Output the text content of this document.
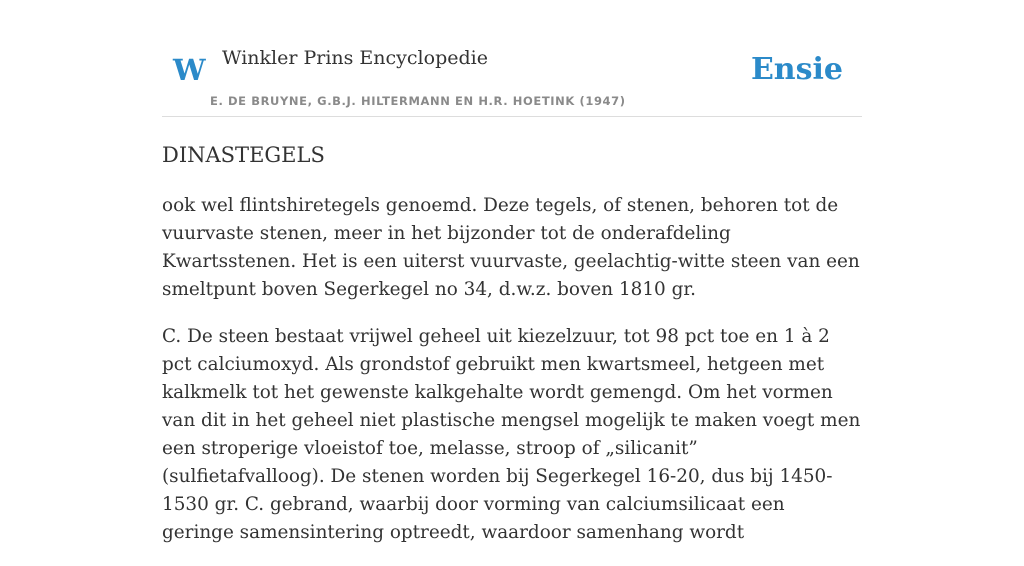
W Winkler Prins Encyclopedie
E. DE BRUYNE, G.B.J. HILTERMANN EN H.R. HOETINK (1947)
Ensie
DINASTEGELS

ook wel flintshiretegels genoemd. Deze tegels, of stenen, behoren tot de vuurvaste stenen, meer in het bijzonder tot de onderafdeling Kwartsstenen. Het is een uiterst vuurvaste, geelachtig-witte steen van een smeltpunt boven Segerkegel no 34, d.w.z. boven 1810 gr.

C. De steen bestaat vrijwel geheel uit kiezelzuur, tot 98 pct toe en 1 à 2 pct calciumoxyd. Als grondstof gebruikt men kwartsmeel, hetgeen met kalkmelk tot het gewenste kalkgehalte wordt gemengd. Om het vormen van dit in het geheel niet plastische mengsel mogelijk te maken voegt men een stroperige vloeistof toe, melasse, stroop of „silicanit” (sulfietafvalloog). De stenen worden bij Segerkegel 16-20, dus bij 1450-1530 gr. C. gebrand, waarbij door vorming van calciumsilicaat een geringe samensintering optreedt, waardoor samenhang wordt
